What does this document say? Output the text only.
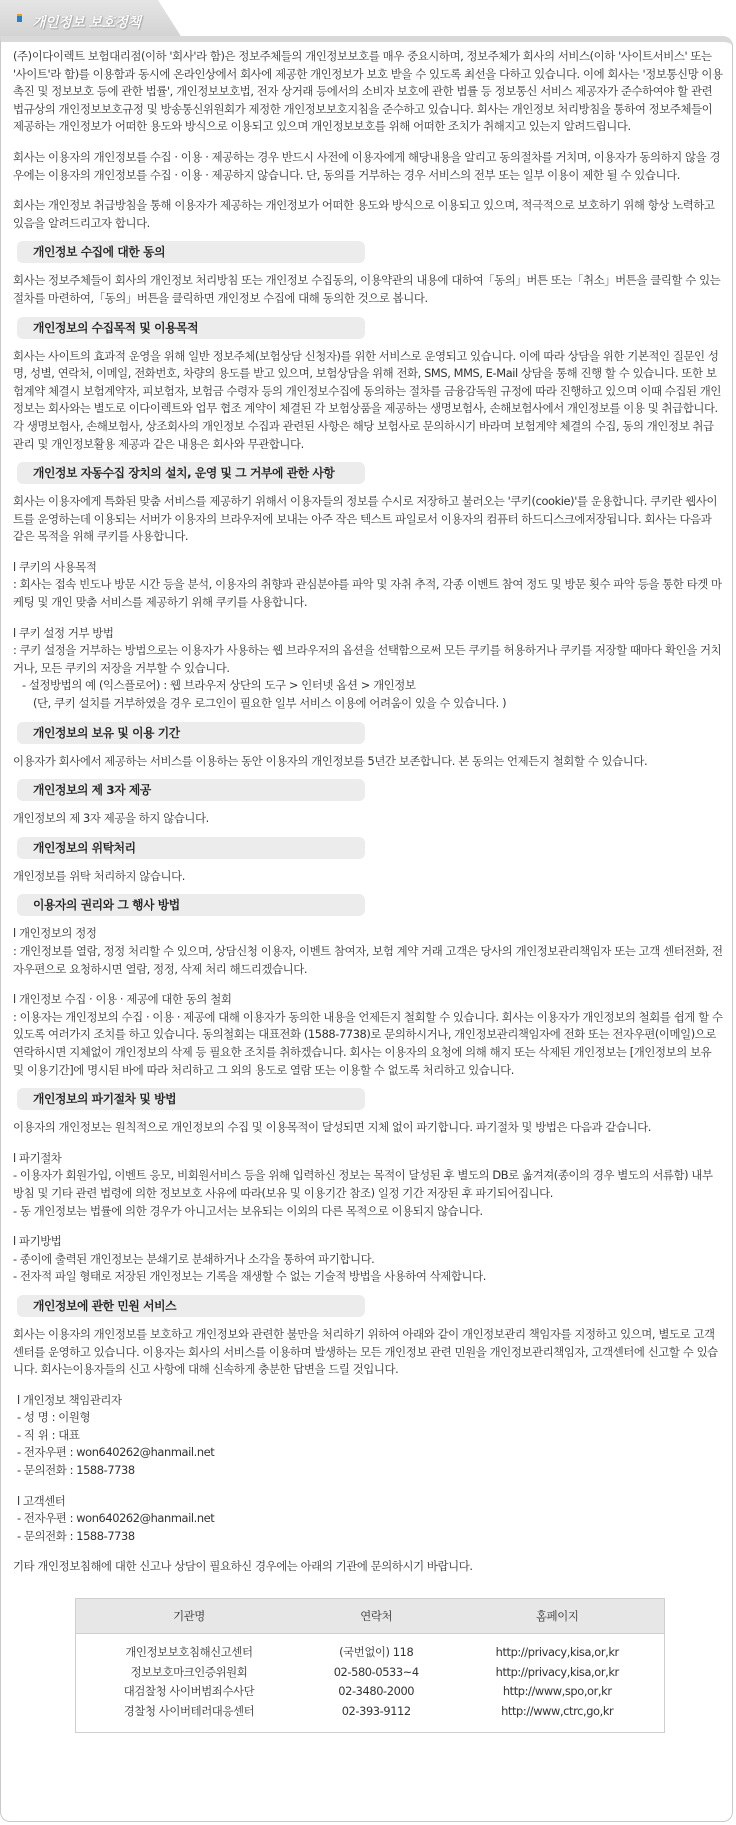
개인정보 보호정책

(주)이다이렉트 보험대리점(이하 '회사'라 함)은 정보주체들의 개인정보보호를 매우 중요시하며, 정보주체가 회사의 서비스(이하 '사이트서비스' 또는 '사이트'라 함)를 이용함과 동시에 온라인상에서 회사에 제공한 개인정보가 보호 받을 수 있도록 최선을 다하고 있습니다. 이에 회사는 '정보통신망 이용촉진 및 정보보호 등에 관한 법률', 개인정보보호법, 전자 상거래 등에서의 소비자 보호에 관한 법률 등 정보통신 서비스 제공자가 준수하여야 할 관련 법규상의 개인정보보호규정 및 방송통신위원회가 제정한 개인정보보호지침을 준수하고 있습니다. 회사는 개인정보 처리방침을 통하여 정보주체들이 제공하는 개인정보가 어떠한 용도와 방식으로 이용되고 있으며 개인정보보호를 위해 어떠한 조치가 취해지고 있는지 알려드립니다.

회사는 이용자의 개인정보를 수집 · 이용 · 제공하는 경우 반드시 사전에 이용자에게 해당내용을 알리고 동의절차를 거치며, 이용자가 동의하지 않을 경우에는 이용자의 개인정보를 수집 · 이용 · 제공하지 않습니다. 단, 동의를 거부하는 경우 서비스의 전부 또는 일부 이용이 제한 될 수 있습니다.

회사는 개인정보 취급방침을 통해 이용자가 제공하는 개인정보가 어떠한 용도와 방식으로 이용되고 있으며, 적극적으로 보호하기 위해 항상 노력하고 있음을 알려드리고자 합니다.

개인정보 수집에 대한 동의

회사는 정보주체들이 회사의 개인정보 처리방침 또는 개인정보 수집동의, 이용약관의 내용에 대하여「동의」버튼 또는「취소」버튼을 클릭할 수 있는 절차를 마련하여,「동의」버튼을 클릭하면 개인정보 수집에 대해 동의한 것으로 봅니다.

개인정보의 수집목적 및 이용목적

회사는 사이트의 효과적 운영을 위해 일반 정보주체(보험상담 신청자)를 위한 서비스로 운영되고 있습니다. 이에 따라 상담을 위한 기본적인 질문인 성명, 성별, 연락처, 이메일, 전화번호, 차량의 용도를 받고 있으며, 보험상담을 위해 전화, SMS, MMS, E-Mail 상담을 통해 진행 할 수 있습니다. 또한 보험계약 체결시 보험계약자, 피보험자, 보험금 수령자 등의 개인정보수집에 동의하는 절차를 금융감독원 규정에 따라 진행하고 있으며 이때 수집된 개인정보는 회사와는 별도로 이다이렉트와 업무 협조 계약이 체결된 각 보험상품을 제공하는 생명보험사, 손해보험사에서 개인정보를 이용 및 취급합니다. 각 생명보험사, 손해보험사, 상조회사의 개인정보 수집과 관련된 사항은 해당 보험사로 문의하시기 바라며 보험계약 체결의 수집, 동의 개인정보 취급관리 및 개인정보활용 제공과 같은 내용은 회사와 무관합니다.

개인정보 자동수집 장치의 설치, 운영 및 그 거부에 관한 사항

회사는 이용자에게 특화된 맞춤 서비스를 제공하기 위해서 이용자들의 정보를 수시로 저장하고 불러오는 '쿠키(cookie)'를 운용합니다. 쿠키란 웹사이트를 운영하는데 이용되는 서버가 이용자의 브라우저에 보내는 아주 작은 텍스트 파일로서 이용자의 컴퓨터 하드디스크에저장됩니다. 회사는 다음과 같은 목적을 위해 쿠키를 사용합니다.

l 쿠키의 사용목적

: 회사는 접속 빈도나 방문 시간 등을 분석, 이용자의 취향과 관심분야를 파악 및 자취 추적, 각종 이벤트 참여 정도 및 방문 횟수 파악 등을 통한 타겟 마케팅 및 개인 맞춤 서비스를 제공하기 위해 쿠키를 사용합니다.

l 쿠키 설정 거부 방법

: 쿠키 설정을 거부하는 방법으로는 이용자가 사용하는 웹 브라우저의 옵션을 선택함으로써 모든 쿠키를 허용하거나 쿠키를 저장할 때마다 확인을 거치거나, 모든 쿠키의 저장을 거부할 수 있습니다.

- 설정방법의 예 (익스플로어) : 웹 브라우저 상단의 도구 > 인터넷 옵션 > 개인정보

(단, 쿠키 설치를 거부하였을 경우 로그인이 필요한 일부 서비스 이용에 어려움이 있을 수 있습니다. )

개인정보의 보유 및 이용 기간

이용자가 회사에서 제공하는 서비스를 이용하는 동안 이용자의 개인정보를 5년간 보존합니다. 본 동의는 언제든지 철회할 수 있습니다.

개인정보의 제 3자 제공

개인정보의 제 3자 제공을 하지 않습니다.

개인정보의 위탁처리

개인정보를 위탁 처리하지 않습니다.

이용자의 권리와 그 행사 방법

l 개인정보의 정정

: 개인정보를 열람, 정정 처리할 수 있으며, 상담신청 이용자, 이벤트 참여자, 보험 계약 거래 고객은 당사의 개인정보관리책임자 또는 고객 센터전화, 전자우편으로 요청하시면 열람, 정정, 삭제 처리 해드리겠습니다.

l 개인정보 수집 · 이용 · 제공에 대한 동의 철회

: 이용자는 개인정보의 수집 · 이용 · 제공에 대해 이용자가 동의한 내용을 언제든지 철회할 수 있습니다. 회사는 이용자가 개인정보의 철회를 쉽게 할 수 있도록 여러가지 조치를 하고 있습니다. 동의철회는 대표전화 (1588-7738)로 문의하시거나, 개인정보관리책임자에 전화 또는 전자우편(이메일)으로 연락하시면 지체없이 개인정보의 삭제 등 필요한 조치를 취하겠습니다. 회사는 이용자의 요청에 의해 해지 또는 삭제된 개인정보는 [개인정보의 보유 및 이용기간]에 명시된 바에 따라 처리하고 그 외의 용도로 열람 또는 이용할 수 없도록 처리하고 있습니다.

개인정보의 파기절차 및 방법

이용자의 개인정보는 원칙적으로 개인정보의 수집 및 이용목적이 달성되면 지체 없이 파기합니다. 파기절차 및 방법은 다음과 같습니다.

l 파기절차

- 이용자가 회원가입, 이벤트 응모, 비회원서비스 등을 위해 입력하신 정보는 목적이 달성된 후 별도의 DB로 옮겨져(종이의 경우 별도의 서류함) 내부 방침 및 기타 관련 법령에 의한 정보보호 사유에 따라(보유 및 이용기간 참조) 일정 기간 저장된 후 파기되어집니다.

- 동 개인정보는 법률에 의한 경우가 아니고서는 보유되는 이외의 다른 목적으로 이용되지 않습니다.

l 파기방법

- 종이에 출력된 개인정보는 분쇄기로 분쇄하거나 소각을 통하여 파기합니다.

- 전자적 파일 형태로 저장된 개인정보는 기록을 재생할 수 없는 기술적 방법을 사용하여 삭제합니다.

개인정보에 관한 민원 서비스

회사는 이용자의 개인정보를 보호하고 개인정보와 관련한 불만을 처리하기 위하여 아래와 같이 개인정보관리 책임자를 지정하고 있으며, 별도로 고객센터를 운영하고 있습니다. 이용자는 회사의 서비스를 이용하며 발생하는 모든 개인정보 관련 민원을 개인정보관리책임자, 고객센터에 신고할 수 있습니다. 회사는이용자들의 신고 사항에 대해 신속하게 충분한 답변을 드릴 것입니다.

l 개인정보 책임관리자

- 성 명 : 이원형

- 직 위 : 대표

- 전자우편 : won640262@hanmail.net

- 문의전화 : 1588-7738

l 고객센터

- 전자우편 : won640262@hanmail.net

- 문의전화 : 1588-7738

기타 개인정보침해에 대한 신고나 상담이 필요하신 경우에는 아래의 기관에 문의하시기 바랍니다.

기관명	연락처	홈페이지
개인정보보호침해신고센터	(국번없이) 118	http://privacy,kisa,or,kr
정보보호마크인증위원회	02-580-0533~4	http://privacy,kisa,or,kr
대검찰청 사이버범죄수사단	02-3480-2000	http://www,spo,or,kr
경찰청 사이버테러대응센터	02-393-9112	http://www,ctrc,go,kr
